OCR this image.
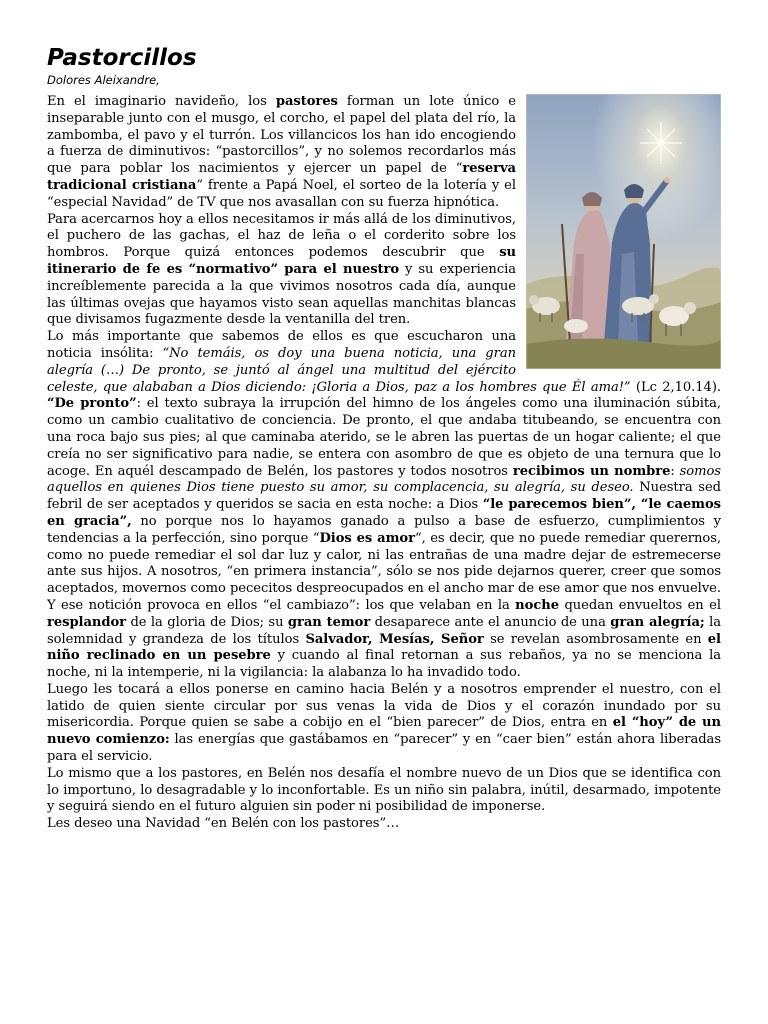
Pastorcillos
Dolores Aleixandre,

En el imaginario navideño, los pastores forman un lote único e inseparable junto con el musgo, el corcho, el papel del plata del río, la zambomba, el pavo y el turrón. Los villancicos los han ido encogiendo a fuerza de diminutivos: “pastorcillos”, y no solemos recordarlos más que para poblar los nacimientos y ejercer un papel de “reserva tradicional cristiana” frente a Papá Noel, el sorteo de la lotería y el “especial Navidad” de TV que nos avasallan con su fuerza hipnótica.

Para acercarnos hoy a ellos necesitamos ir más allá de los diminutivos, el puchero de las gachas, el haz de leña o el corderito sobre los hombros. Porque quizá entonces podemos descubrir que su itinerario de fe es “normativo” para el nuestro y su experiencia increíblemente parecida a la que vivimos nosotros cada día, aunque las últimas ovejas que hayamos visto sean aquellas manchitas blancas que divisamos fugazmente desde la ventanilla del tren.

Lo más importante que sabemos de ellos es que escucharon una noticia insólita: “No temáis, os doy una buena noticia, una gran alegría (…) De pronto, se juntó al ángel una multitud del ejército celeste, que alababan a Dios diciendo: ¡Gloria a Dios, paz a los hombres que Él ama!” (Lc 2,10.14). “De pronto”: el texto subraya la irrupción del himno de los ángeles como una iluminación súbita, como un cambio cualitativo de conciencia. De pronto, el que andaba titubeando, se encuentra con una roca bajo sus pies; al que caminaba aterido, se le abren las puertas de un hogar caliente; el que creía no ser significativo para nadie, se entera con asombro de que es objeto de una ternura que lo acoge. En aquél descampado de Belén, los pastores y todos nosotros recibimos un nombre: somos aquellos en quienes Dios tiene puesto su amor, su complacencia, su alegría, su deseo. Nuestra sed febril de ser aceptados y queridos se sacia en esta noche: a Dios “le parecemos bien”, “le caemos en gracia”, no porque nos lo hayamos ganado a pulso a base de esfuerzo, cumplimientos y tendencias a la perfección, sino porque “Dios es amor“, es decir, que no puede remediar querernos, como no puede remediar el sol dar luz y calor, ni las entrañas de una madre dejar de estremecerse ante sus hijos. A nosotros, “en primera instancia”, sólo se nos pide dejarnos querer, creer que somos aceptados, movernos como pececitos despreocupados en el ancho mar de ese amor que nos envuelve.

Y ese notición provoca en ellos “el cambiazo”: los que velaban en la noche quedan envueltos en el resplandor de la gloria de Dios; su gran temor desaparece ante el anuncio de una gran alegría; la solemnidad y grandeza de los títulos Salvador, Mesías, Señor se revelan asombrosamente en el niño reclinado en un pesebre y cuando al final retornan a sus rebaños, ya no se menciona la noche, ni la intemperie, ni la vigilancia: la alabanza lo ha invadido todo.

Luego les tocará a ellos ponerse en camino hacia Belén y a nosotros emprender el nuestro, con el latido de quien siente circular por sus venas la vida de Dios y el corazón inundado por su misericordia. Porque quien se sabe a cobijo en el “bien parecer” de Dios, entra en el “hoy” de un nuevo comienzo: las energías que gastábamos en “parecer” y en “caer bien” están ahora liberadas para el servicio.

Lo mismo que a los pastores, en Belén nos desafía el nombre nuevo de un Dios que se identifica con lo importuno, lo desagradable y lo inconfortable. Es un niño sin palabra, inútil, desarmado, impotente y seguirá siendo en el futuro alguien sin poder ni posibilidad de imponerse.

Les deseo una Navidad “en Belén con los pastores”…
